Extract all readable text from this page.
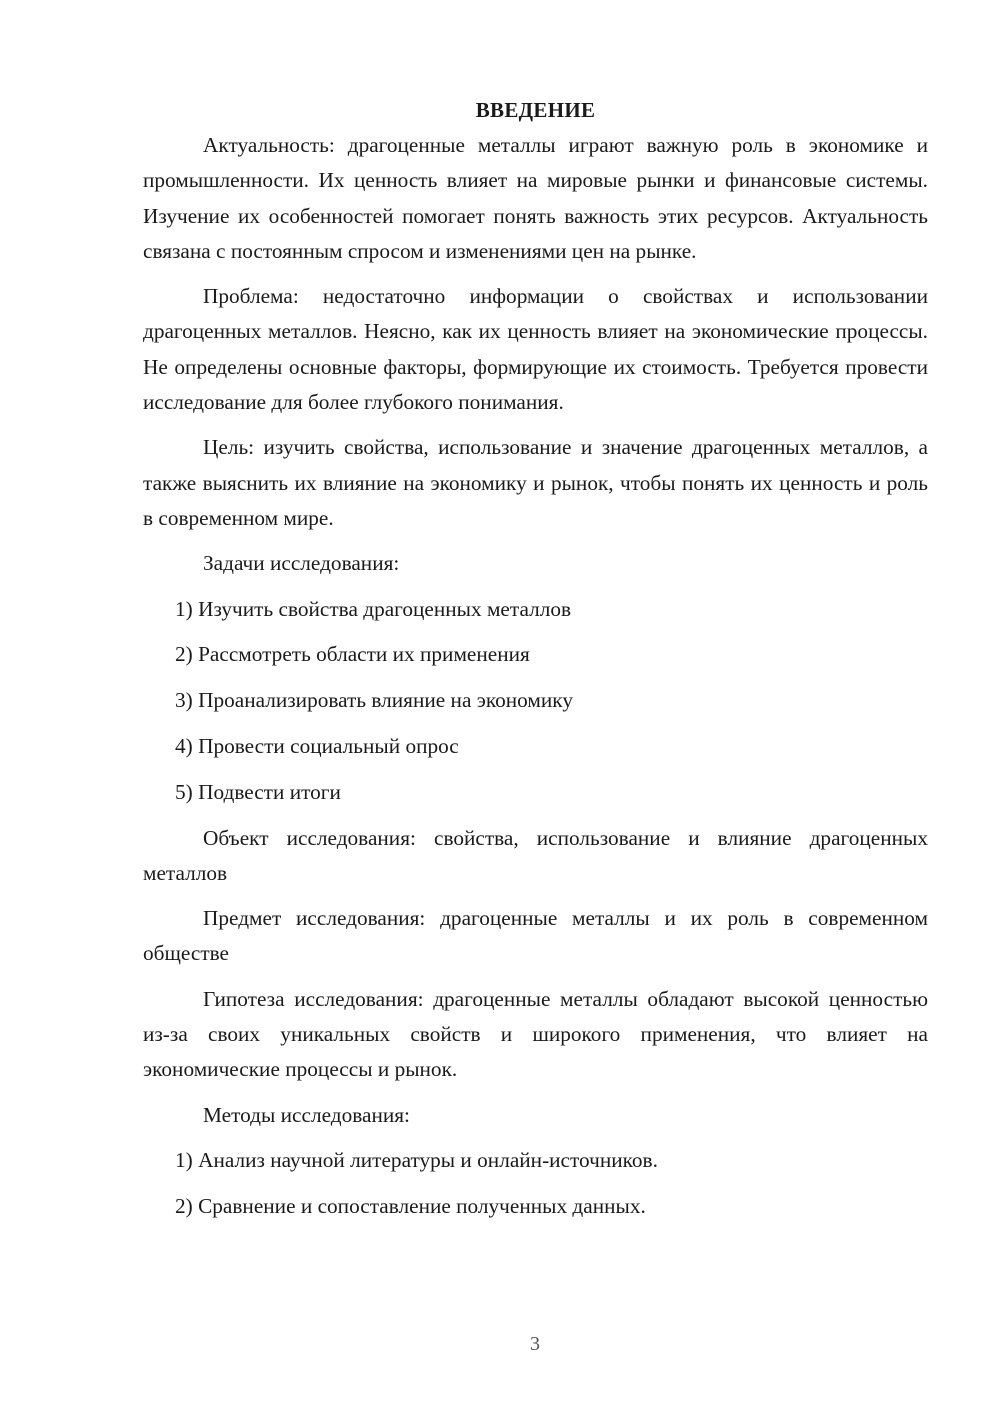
ВВЕДЕНИЕ

Актуальность: драгоценные металлы играют важную роль в экономике и промышленности. Их ценность влияет на мировые рынки и финансовые системы. Изучение их особенностей помогает понять важность этих ресурсов. Актуальность связана с постоянным спросом и изменениями цен на рынке.

Проблема: недостаточно информации о свойствах и использовании драгоценных металлов. Неясно, как их ценность влияет на экономические процессы. Не определены основные факторы, формирующие их стоимость. Требуется провести исследование для более глубокого понимания.

Цель: изучить свойства, использование и значение драгоценных металлов, а также выяснить их влияние на экономику и рынок, чтобы понять их ценность и роль в современном мире.

Задачи исследования:
1) Изучить свойства драгоценных металлов
2) Рассмотреть области их применения
3) Проанализировать влияние на экономику
4) Провести социальный опрос
5) Подвести итоги

Объект исследования: свойства, использование и влияние драгоценных металлов

Предмет исследования: драгоценные металлы и их роль в современном обществе

Гипотеза исследования: драгоценные металлы обладают высокой ценностью из-за своих уникальных свойств и широкого применения, что влияет на экономические процессы и рынок.

Методы исследования:
1) Анализ научной литературы и онлайн-источников.
2) Сравнение и сопоставление полученных данных.
3
